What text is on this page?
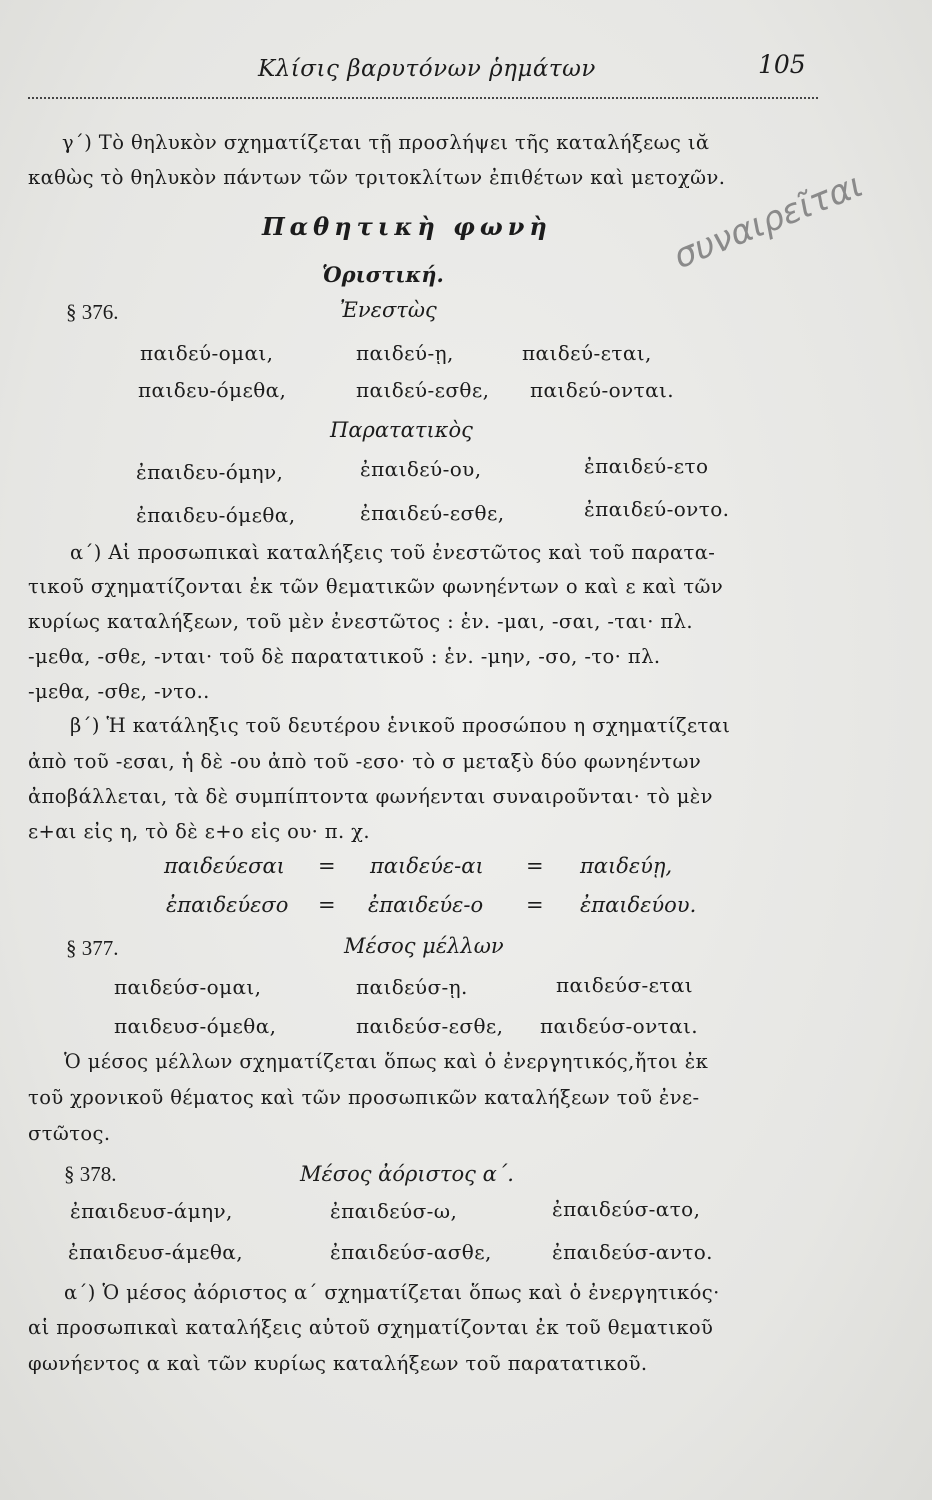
Κλίσις βαρυτόνων ῥημάτων	105
γ΄) Τὸ θηλυκὸν σχηματίζεται τῇ προσλήψει τῆς καταλήξεως ιᾰ
καθὼς τὸ θηλυκὸν πάντων τῶν τριτοκλίτων ἐπιθέτων καὶ μετοχῶν.
Παθητικὴ φωνὴ
Ὁριστική.	συναιρεῖται
§ 376.	Ἐνεστὼς
παιδεύ-ομαι,	παιδεύ-ῃ,	παιδεύ-εται,
παιδευ-όμεθα,	παιδεύ-εσθε, παιδεύ-ονται.
Παρατατικὸς
ἐπαιδευ-όμην,	ἐπαιδεύ-ου,	ἐπαιδεύ-ετο
ἐπαιδευ-όμεθα,	ἐπαιδεύ-εσθε,	ἐπαιδεύ-οντο.
α΄) Αἱ προσωπικαὶ καταλήξεις τοῦ ἐνεστῶτος καὶ τοῦ παρατα-
τικοῦ σχηματίζονται ἐκ τῶν θεματικῶν φωνηέντων ο καὶ ε καὶ τῶν
κυρίως καταλήξεων, τοῦ μὲν ἐνεστῶτος : ἑν. -μαι, -σαι, -ται· πλ.
-μεθα, -σθε, -νται· τοῦ δὲ παρατατικοῦ : ἑν. -μην, -σο, -το· πλ.
-μεθα, -σθε, -ντο..
β΄) Ἡ κατάληξις τοῦ δευτέρου ἑνικοῦ προσώπου η σχηματίζεται
ἀπὸ τοῦ -εσαι, ἡ δὲ -ου ἀπὸ τοῦ -εσο· τὸ σ μεταξὺ δύο φωνηέντων
ἀποβάλλεται, τὰ δὲ συμπίπτοντα φωνήενται συναιροῦνται· τὸ μὲν
ε+αι εἰς η, τὸ δὲ ε+ο εἰς ου· π. χ.
παιδεύεσαι = παιδεύε-αι = παιδεύῃ,
ἐπαιδεύεσο = ἐπαιδεύε-ο = ἐπαιδεύου.
§ 377.	Μέσος μέλλων
παιδεύσ-ομαι,	παιδεύσ-ῃ.	παιδεύσ-εται
παιδευσ-όμεθα,	παιδεύσ-εσθε, παιδεύσ-ονται.
Ὁ μέσος μέλλων σχηματίζεται ὅπως καὶ ὁ ἐνεργητικός,ἤτοι ἐκ
τοῦ χρονικοῦ θέματος καὶ τῶν προσωπικῶν καταλήξεων τοῦ ἐνε-
στῶτος.
§ 378.	Μέσος ἀόριστος α΄.
ἐπαιδευσ-άμην,	ἐπαιδεύσ-ω,	ἐπαιδεύσ-ατο,
ἐπαιδευσ-άμεθα,	ἐπαιδεύσ-ασθε,	ἐπαιδεύσ-αντο.
α΄) Ὁ μέσος ἀόριστος α΄ σχηματίζεται ὅπως καὶ ὁ ἐνεργητικός·
αἱ προσωπικαὶ καταλήξεις αὐτοῦ σχηματίζονται ἐκ τοῦ θεματικοῦ
φωνήεντος α καὶ τῶν κυρίως καταλήξεων τοῦ παρατατικοῦ.
